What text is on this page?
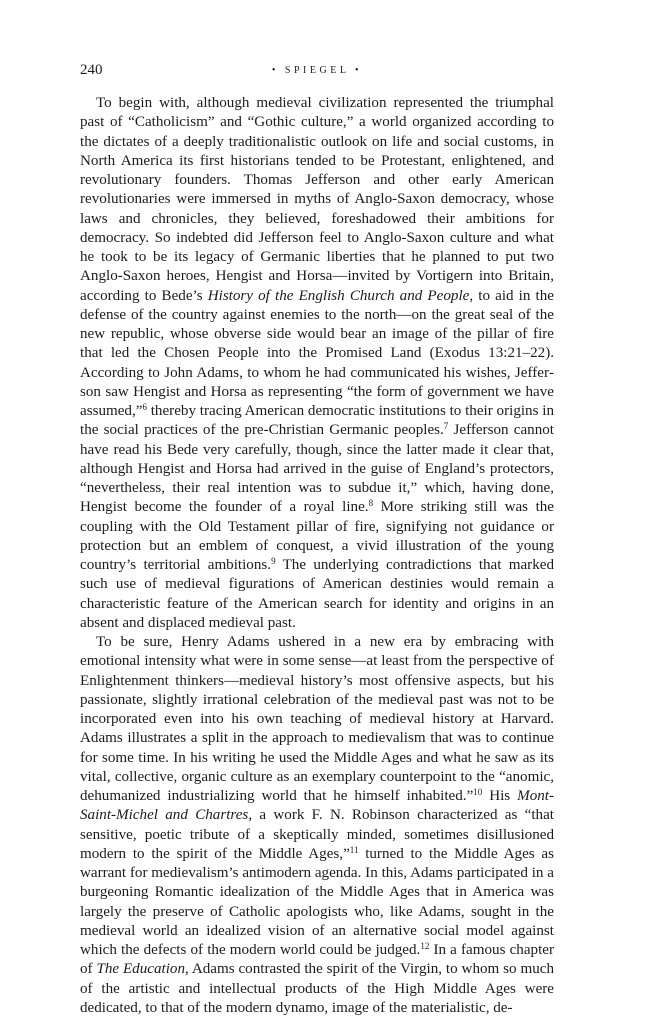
240	• SPIEGEL •

To begin with, although medieval civilization represented the triumphal past of “Catholicism” and “Gothic culture,” a world organized according to the dictates of a deeply traditionalistic outlook on life and social customs, in North America its first historians tended to be Protestant, enlightened, and revolutionary founders. Thomas Jefferson and other early American revolutionaries were immersed in myths of Anglo-Saxon democracy, whose laws and chronicles, they believed, foreshadowed their ambitions for democracy. So indebted did Jefferson feel to Anglo-Saxon culture and what he took to be its legacy of Germanic liberties that he planned to put two Anglo-Saxon heroes, Hengist and Horsa—invited by Vortigern into Britain, according to Bede’s History of the English Church and People, to aid in the defense of the country against enemies to the north—on the great seal of the new republic, whose obverse side would bear an image of the pillar of fire that led the Chosen People into the Promised Land (Exodus 13:21–22). According to John Adams, to whom he had communicated his wishes, Jefferson saw Hengist and Horsa as representing “the form of government we have assumed,”$^6$ thereby tracing American democratic institutions to their origins in the social practices of the pre-Christian Germanic peoples.$^7$ Jefferson cannot have read his Bede very carefully, though, since the latter made it clear that, although Hengist and Horsa had arrived in the guise of England’s protectors, “nevertheless, their real intention was to subdue it,” which, having done, Hengist become the founder of a royal line.$^8$ More striking still was the coupling with the Old Testament pillar of fire, signifying not guidance or protection but an emblem of conquest, a vivid illustration of the young country’s territorial ambitions.$^9$ The underlying contradictions that marked such use of medieval figurations of American destinies would remain a characteristic feature of the American search for identity and origins in an absent and displaced medieval past.

To be sure, Henry Adams ushered in a new era by embracing with emotional intensity what were in some sense—at least from the perspective of Enlightenment thinkers—medieval history’s most offensive aspects, but his passionate, slightly irrational celebration of the medieval past was not to be incorporated even into his own teaching of medieval history at Harvard. Adams illustrates a split in the approach to medievalism that was to continue for some time. In his writing he used the Middle Ages and what he saw as its vital, collective, organic culture as an exemplary counterpoint to the “anomic, dehumanized industrializing world that he himself inhabited.”$^{10}$ His Mont-Saint-Michel and Chartres, a work F. N. Robinson characterized as “that sensitive, poetic tribute of a skeptically minded, sometimes disillusioned modern to the spirit of the Middle Ages,”$^{11}$ turned to the Middle Ages as warrant for medievalism’s antimodern agenda. In this, Adams participated in a burgeoning Romantic idealization of the Middle Ages that in America was largely the preserve of Catholic apologists who, like Adams, sought in the medieval world an idealized vision of an alternative social model against which the defects of the modern world could be judged.$^{12}$ In a famous chapter of The Education, Adams contrasted the spirit of the Virgin, to whom so much of the artistic and intellectual products of the High Middle Ages were dedicated, to that of the modern dynamo, image of the materialistic, de-
